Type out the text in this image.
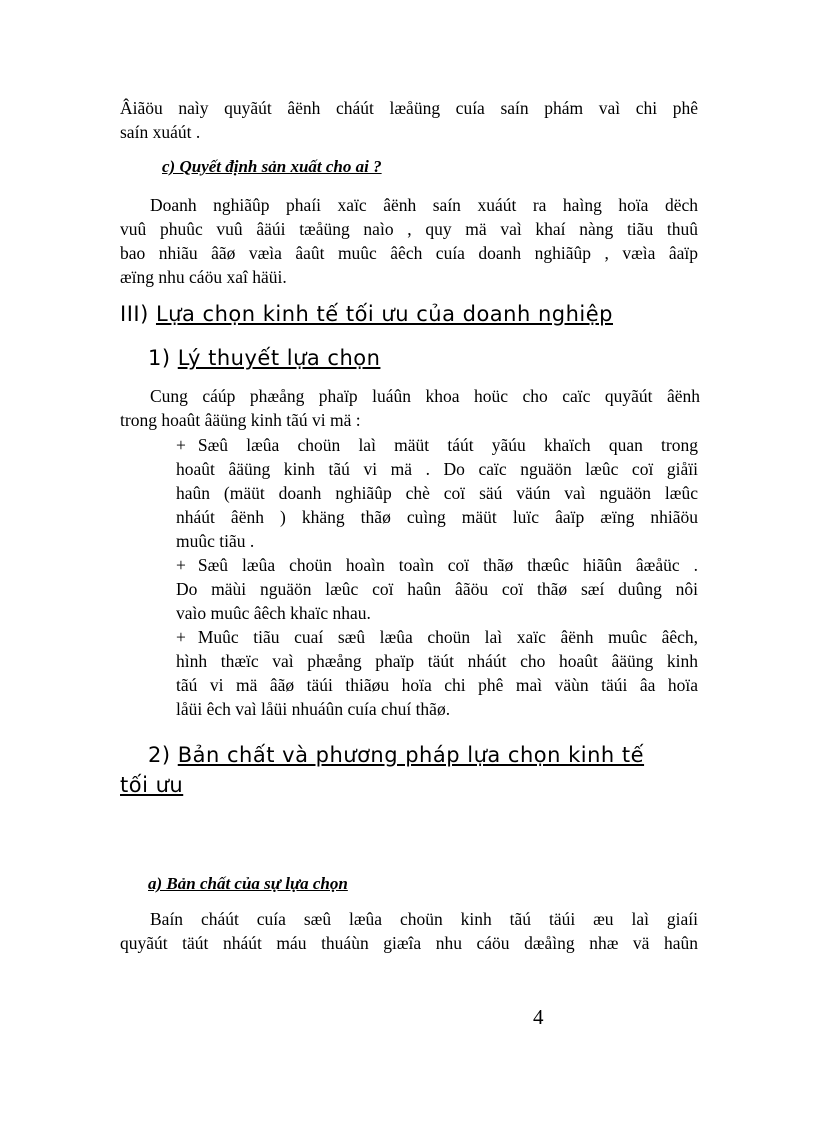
Âiãöu naìy quyãút âënh cháút læåüng cuía saín phám vaì chi phê
saín xuáút .
c) Quyết định sản xuất cho ai ?
Doanh nghiãûp phaíi xaïc âënh saín xuáút ra haìng hoïa dëch
vuû phuûc vuû âäúi tæåüng naìo , quy mä vaì khaí nàng tiãu thuû
bao nhiãu âãø væìa âaût muûc âêch cuía doanh nghiãûp , væìa âaïp
æïng nhu cáöu xaî häüi.
III) Lựa chọn kinh tế tối ưu của doanh nghiệp
1) Lý thuyết lựa chọn
Cung cáúp phæång phaïp luáûn khoa hoüc cho caïc quyãút âënh
trong hoaût âäüng kinh tãú vi mä :
+ Sæû læûa choün laì mäüt táút yãúu khaïch quan trong
hoaût âäüng kinh tãú vi mä . Do caïc nguäön læûc coï giåïi
haûn (mäüt doanh nghiãûp chè coï säú väún vaì nguäön læûc
nháút âënh ) khäng thãø cuìng mäüt luïc âaïp æïng nhiãöu
muûc tiãu .
+ Sæû læûa choün hoaìn toaìn coï thãø thæûc hiãûn âæåüc .
Do mäùi nguäön læûc coï haûn âãöu coï thãø sæí duûng nôi
vaìo muûc âêch khaïc nhau.
+ Muûc tiãu cuaí sæû læûa choün laì xaïc âënh muûc âêch,
hình thæïc vaì phæång phaïp täút nháút cho hoaût âäüng kinh
tãú vi mä âãø täúi thiãøu hoïa chi phê maì väùn täúi âa hoïa
låüi êch vaì låüi nhuáûn cuía chuí thãø.
2) Bản chất và phương pháp lựa chọn kinh tế
tối ưu
a) Bản chất của sự lựa chọn
Baín cháút cuía sæû læûa choün kinh tãú täúi æu laì giaíi
quyãút täút nháút máu thuáùn giæîa nhu cáöu dæåìng nhæ vä haûn
4
